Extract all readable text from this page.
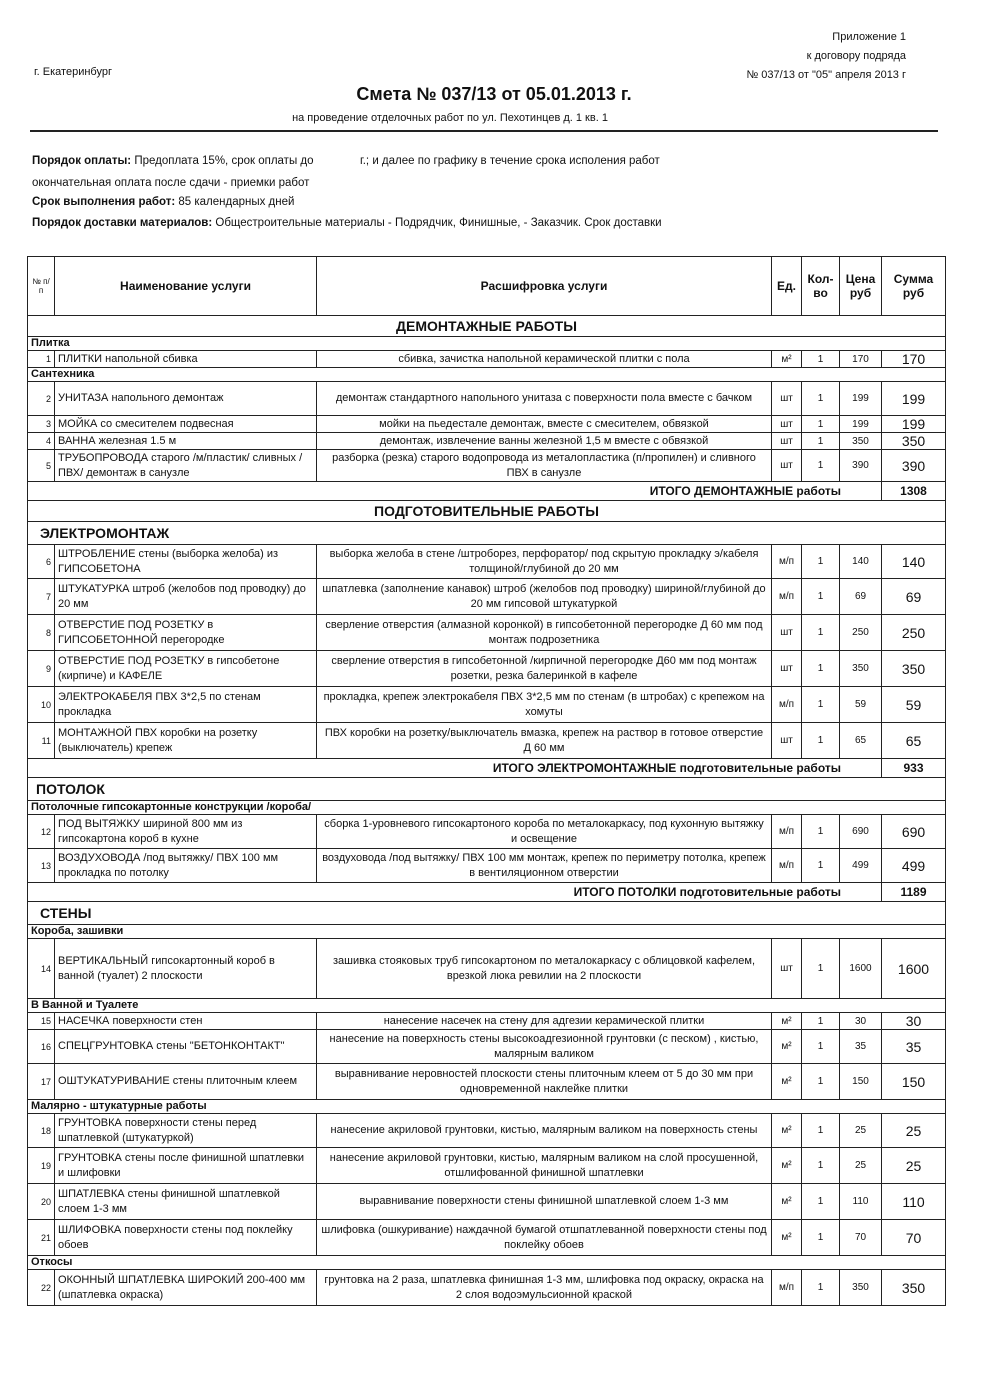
г. Екатеринбург
Приложение 1
к договору подряда
№ 037/13 от "05" апреля 2013 г
Смета № 037/13 от 05.01.2013 г.
на проведение отделочных работ по ул. Пехотинцев д. 1 кв. 1
Порядок оплаты: Предоплата 15%, срок оплаты до	г.; и далее по графику в течение срока исполения работ
окончательная оплата после сдачи - приемки работ
Срок выполнения работ: 85 календарных дней
Порядок доставки материалов: Общестроительные материалы - Подрядчик, Финишные, - Заказчик. Срок доставки
№ п/п	Наименование услуги	Расшифровка услуги	Ед.	Кол-во	Цена руб	Сумма руб
ДЕМОНТАЖНЫЕ РАБОТЫ						
Плитка						
1	ПЛИТКИ напольной сбивка	сбивка, зачистка напольной керамической плитки с пола	м²	1	170	170
Сантехника						
2	УНИТАЗА напольного демонтаж	демонтаж стандартного напольного унитаза с поверхности пола вместе с бачком	шт	1	199	199
3	МОЙКА со смесителем подвесная	мойки на пьедестале демонтаж, вместе с смесителем, обвязкой	шт	1	199	199
4	ВАННА железная 1.5 м	демонтаж, извлечение ванны железной 1,5 м вместе с обвязкой	шт	1	350	350
5	ТРУБОПРОВОДА старого /м/пластик/ сливных /ПВХ/ демонтаж в санузле	разборка (резка) старого водопровода из металопластика (п/пропилен) и сливного ПВХ в санузле	шт	1	390	390
ИТОГО ДЕМОНТАЖНЫЕ работы						1308
ПОДГОТОВИТЕЛЬНЫЕ РАБОТЫ						
ЭЛЕКТРОМОНТАЖ						
6	ШТРОБЛЕНИЕ стены (выборка желоба) из ГИПСОБЕТОНА	выборка желоба в стене /штроборез, перфоратор/ под скрытую прокладку э/кабеля толщиной/глубиной до 20 мм	м/п	1	140	140
7	ШТУКАТУРКА штроб (желобов под проводку) до 20 мм	шпатлевка (заполнение канавок) штроб (желобов под проводку) шириной/глубиной до 20 мм гипсовой штукатуркой	м/п	1	69	69
8	ОТВЕРСТИЕ ПОД РОЗЕТКУ в ГИПСОБЕТОННОЙ перегородке	сверление отверстия (алмазной коронкой) в гипсобетонной перегородке Д 60 мм под монтаж подрозетника	шт	1	250	250
9	ОТВЕРСТИЕ ПОД РОЗЕТКУ в гипсобетоне (кирпиче) и КАФЕЛЕ	сверление отверстия в гипсобетонной /кирпичной перегородке Д60 мм под монтаж розетки, резка балеринкой в кафеле	шт	1	350	350
10	ЭЛЕКТРОКАБЕЛЯ ПВХ 3*2,5 по стенам прокладка	прокладка, крепеж электрокабеля ПВХ 3*2,5 мм по стенам (в штробах) с крепежом на хомуты	м/п	1	59	59
11	МОНТАЖНОЙ ПВХ коробки на розетку (выключатель) крепеж	ПВХ коробки на розетку/выключатель вмазка, крепеж на раствор в готовое отверстие Д 60 мм	шт	1	65	65
ИТОГО ЭЛЕКТРОМОНТАЖНЫЕ подготовительные работы						933
ПОТОЛОК						
Потолочные гипсокартонные конструкции /короба/						
12	ПОД ВЫТЯЖКУ шириной 800 мм из гипсокартона короб в кухне	сборка 1-уровневого гипсокартоного короба по металокаркасу, под кухонную вытяжку и освещение	м/п	1	690	690
13	ВОЗДУХОВОДА /под вытяжку/ ПВХ 100 мм прокладка по потолку	воздуховода /под вытяжку/ ПВХ 100 мм монтаж, крепеж по периметру потолка, крепеж в вентиляционном отверстии	м/п	1	499	499
ИТОГО ПОТОЛКИ подготовительные работы						1189
СТЕНЫ						
Короба, зашивки						
14	ВЕРТИКАЛЬНЫЙ гипсокартонный короб в ванной (туалет) 2 плоскости	зашивка стояковых труб гипсокартоном по металокаркасу с облицовкой кафелем, врезкой люка ревилии на 2 плоскости	шт	1	1600	1600
В Ванной и Туалете						
15	НАСЕЧКА поверхности стен	нанесение насечек на стену для адгезии керамической плитки	м²	1	30	30
16	СПЕЦГРУНТОВКА стены "БЕТОНКОНТАКТ"	нанесение на поверхность стены высокоадгезионной грунтовки (с песком) , кистью, малярным валиком	м²	1	35	35
17	ОШТУКАТУРИВАНИЕ стены плиточным клеем	выравнивание неровностей плоскости стены плиточным клеем от 5 до 30 мм при одновременной наклейке плитки	м²	1	150	150
Малярно - штукатурные работы						
18	ГРУНТОВКА поверхности стены перед шпатлевкой (штукатуркой)	нанесение акриловой грунтовки, кистью, малярным валиком на поверхность стены	м²	1	25	25
19	ГРУНТОВКА стены после финишной шпатлевки и шлифовки	нанесение акриловой грунтовки, кистью, малярным валиком на слой просушенной, отшлифованной финишной шпатлевки	м²	1	25	25
20	ШПАТЛЕВКА стены финишной шпатлевкой слоем 1-3 мм	выравнивание поверхности стены финишной шпатлевкой слоем 1-3 мм	м²	1	110	110
21	ШЛИФОВКА поверхности стены под поклейку обоев	шлифовка (ошкуривание) наждачной бумагой отшпатлеванной поверхности стены под поклейку обоев	м²	1	70	70
Откосы						
22	ОКОННЫЙ ШПАТЛЕВКА ШИРОКИЙ 200-400 мм (шпатлевка окраска)	грунтовка на 2 раза, шпатлевка финишная 1-3 мм, шлифовка под окраску, окраска на 2 слоя водоэмульсионной краской	м/п	1	350	350
